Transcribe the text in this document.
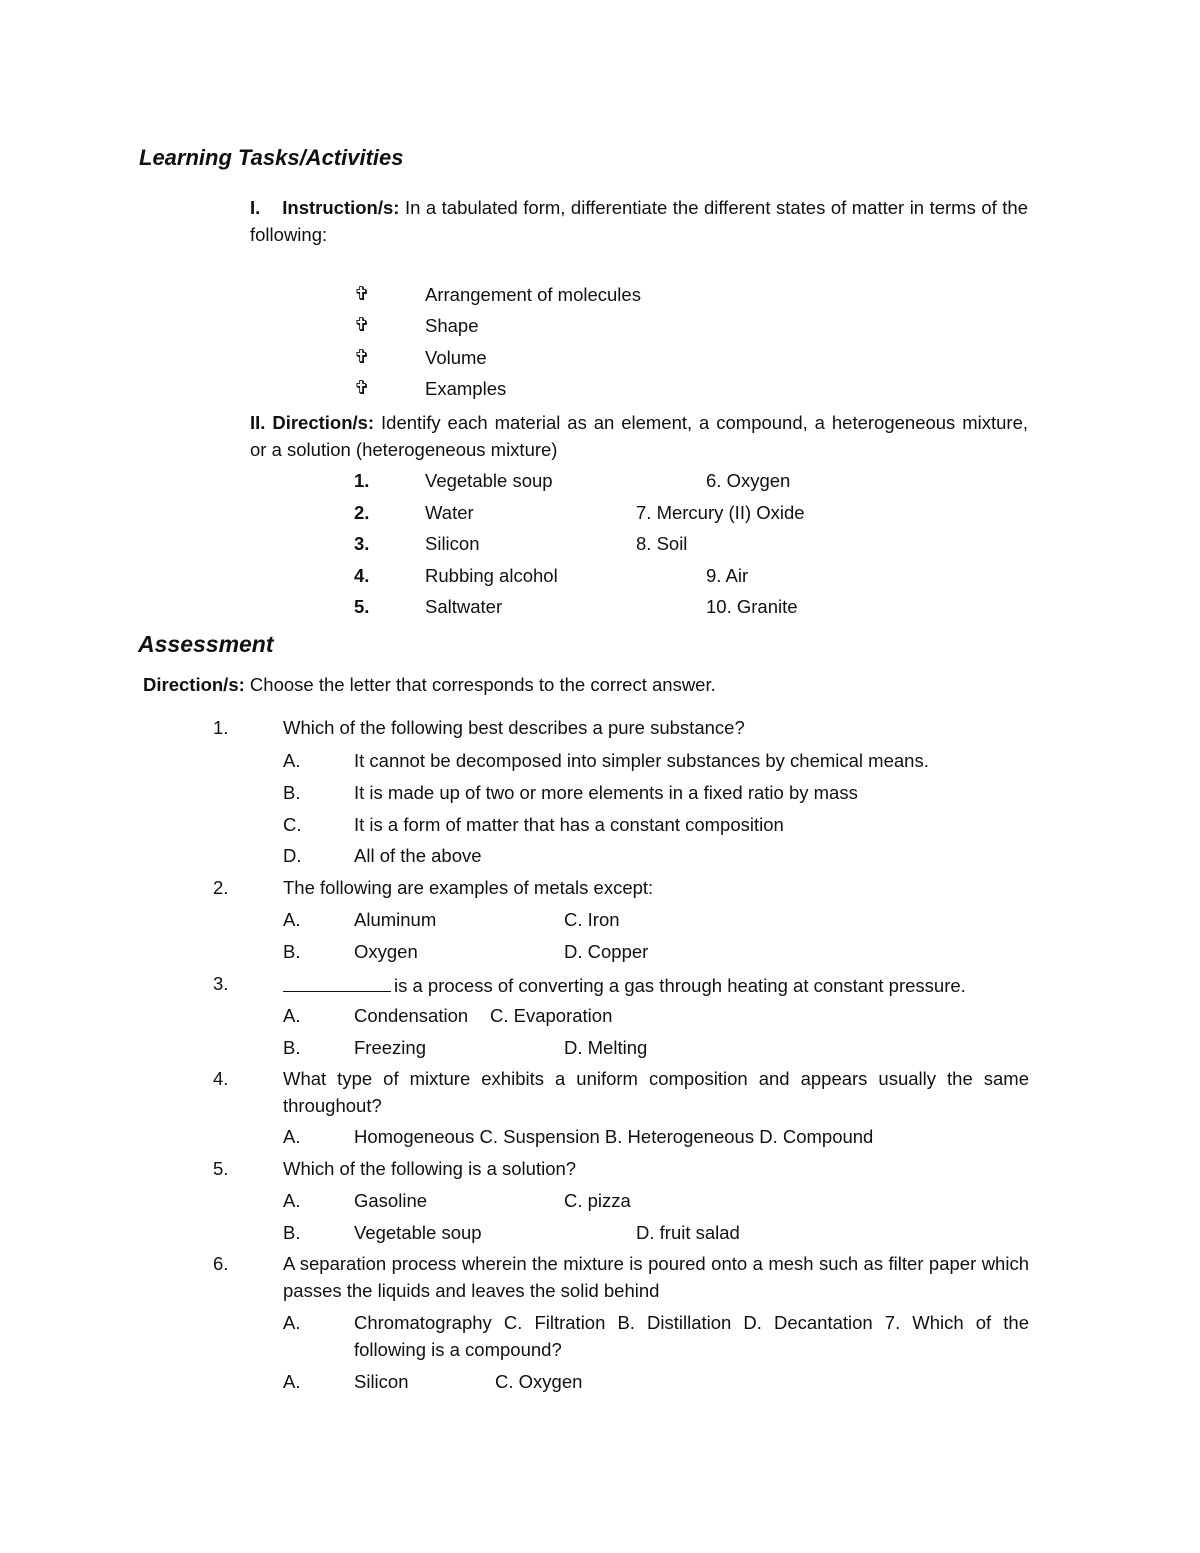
Learning Tasks/Activities
I. Instruction/s: In a tabulated form, differentiate the different states of matter in terms of the following:
✞	Arrangement of molecules
✞	Shape
✞	Volume
✞	Examples
II. Direction/s: Identify each material as an element, a compound, a heterogeneous mixture, or a solution (heterogeneous mixture)
1.	Vegetable soup	6. Oxygen
2.	Water	7. Mercury (II) Oxide
3.	Silicon	8. Soil
4.	Rubbing alcohol	9. Air
5.	Saltwater	10. Granite
Assessment
Direction/s: Choose the letter that corresponds to the correct answer.
1.	Which of the following best describes a pure substance?
A.	It cannot be decomposed into simpler substances by chemical means.
B.	It is made up of two or more elements in a fixed ratio by mass
C.	It is a form of matter that has a constant composition
D.	All of the above
2.	The following are examples of metals except:
A.	Aluminum	C. Iron
B.	Oxygen	D. Copper
3.	is a process of converting a gas through heating at constant pressure.
A.	Condensation C. Evaporation
B.	Freezing	D. Melting
4.	What type of mixture exhibits a uniform composition and appears usually the same throughout?
A.	Homogeneous C. Suspension B. Heterogeneous D. Compound
5.	Which of the following is a solution?
A.	Gasoline	C. pizza
B.	Vegetable soup	D. fruit salad
6.	A separation process wherein the mixture is poured onto a mesh such as filter paper which passes the liquids and leaves the solid behind
A.	Chromatography C. Filtration B. Distillation D. Decantation 7. Which of the following is a compound?
A.	Silicon	C. Oxygen
